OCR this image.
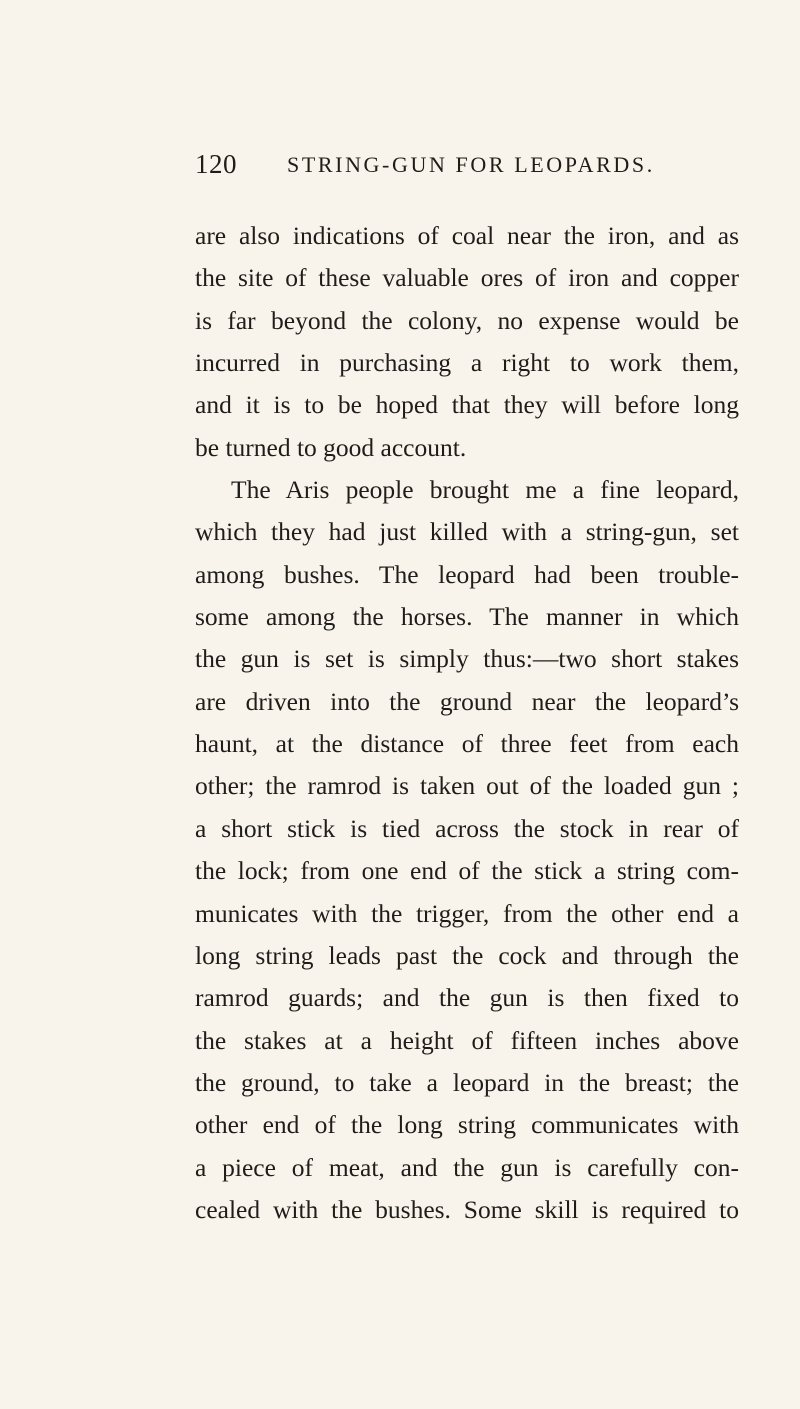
120 STRING-GUN FOR LEOPARDS.
are also indications of coal near the iron, and as
the site of these valuable ores of iron and copper
is far beyond the colony, no expense would be
incurred in purchasing a right to work them,
and it is to be hoped that they will before long
be turned to good account.
The Aris people brought me a fine leopard,
which they had just killed with a string-gun, set
among bushes. The leopard had been trouble-
some among the horses. The manner in which
the gun is set is simply thus:—two short stakes
are driven into the ground near the leopard’s
haunt, at the distance of three feet from each
other; the ramrod is taken out of the loaded gun ;
a short stick is tied across the stock in rear of
the lock; from one end of the stick a string com-
municates with the trigger, from the other end a
long string leads past the cock and through the
ramrod guards; and the gun is then fixed to
the stakes at a height of fifteen inches above
the ground, to take a leopard in the breast; the
other end of the long string communicates with
a piece of meat, and the gun is carefully con-
cealed with the bushes. Some skill is required to
